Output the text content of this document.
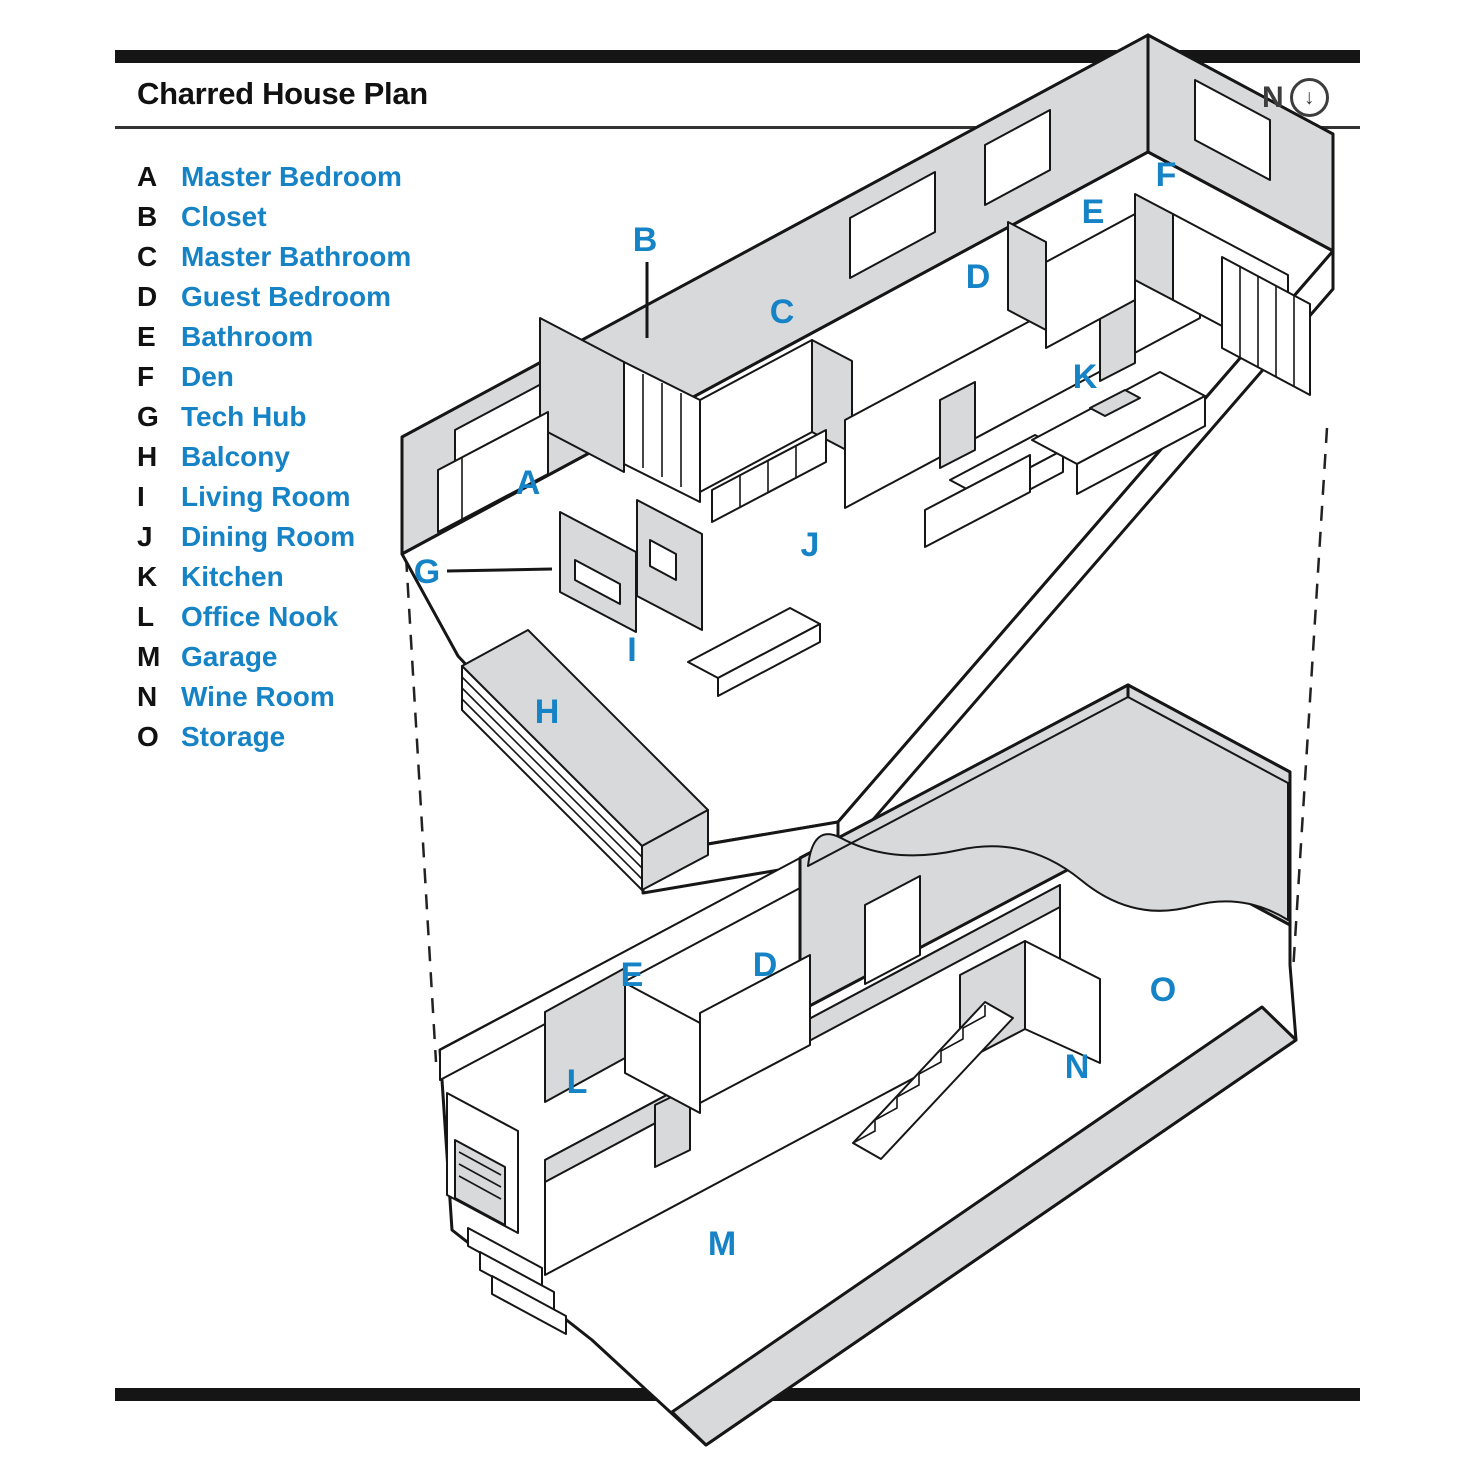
A
B
C
D
E
F
G
H
I
J
K
D
E
L
M
N
O
Charred House Plan	N ↓
A Master Bedroom
B Closet
C Master Bathroom
D Guest Bedroom
E Bathroom
F Den
G Tech Hub
H Balcony
I	Living Room
J	Dining Room
K Kitchen
L Office Nook
M Garage
N Wine Room
O Storage
